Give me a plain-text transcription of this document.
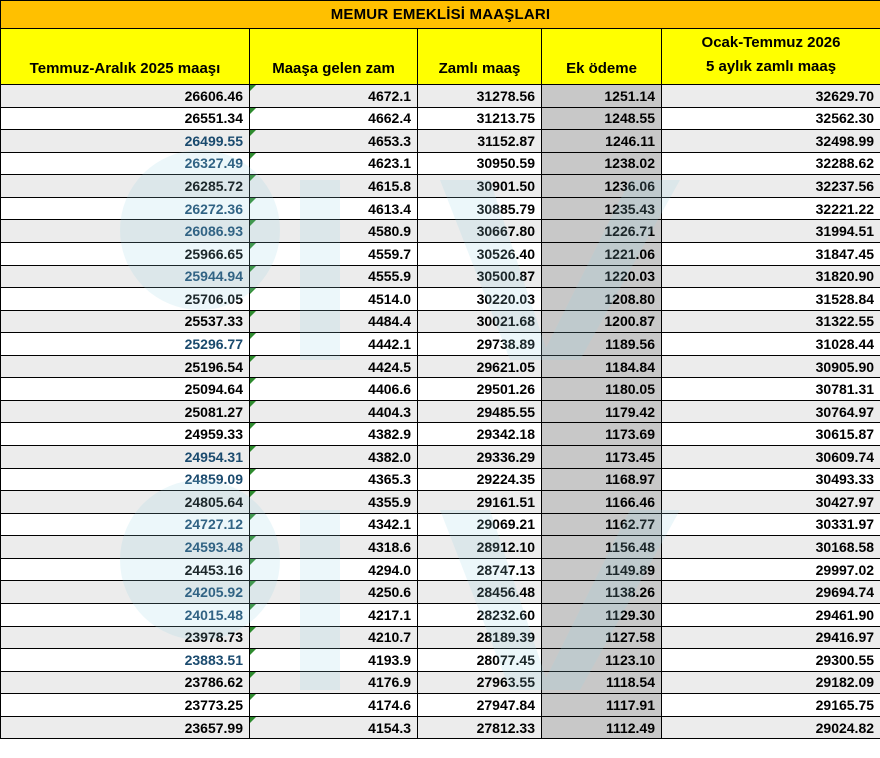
MEMUR EMEKLİSİ MAAŞLARI				
Temmuz-Aralık 2025 maaşı	Maaşa gelen zam	Zamlı maaş	Ek ödeme	Ocak-Temmuz 2026
5 aylık zamlı maaş

26606.46	4672.1	31278.56	1251.14	32629.70
26551.34	4662.4	31213.75	1248.55	32562.30
26499.55	4653.3	31152.87	1246.11	32498.99
26327.49	4623.1	30950.59	1238.02	32288.62
26285.72	4615.8	30901.50	1236.06	32237.56
26272.36	4613.4	30885.79	1235.43	32221.22
26086.93	4580.9	30667.80	1226.71	31994.51
25966.65	4559.7	30526.40	1221.06	31847.45
25944.94	4555.9	30500.87	1220.03	31820.90
25706.05	4514.0	30220.03	1208.80	31528.84
25537.33	4484.4	30021.68	1200.87	31322.55
25296.77	4442.1	29738.89	1189.56	31028.44
25196.54	4424.5	29621.05	1184.84	30905.90
25094.64	4406.6	29501.26	1180.05	30781.31
25081.27	4404.3	29485.55	1179.42	30764.97
24959.33	4382.9	29342.18	1173.69	30615.87
24954.31	4382.0	29336.29	1173.45	30609.74
24859.09	4365.3	29224.35	1168.97	30493.33
24805.64	4355.9	29161.51	1166.46	30427.97
24727.12	4342.1	29069.21	1162.77	30331.97
24593.48	4318.6	28912.10	1156.48	30168.58
24453.16	4294.0	28747.13	1149.89	29997.02
24205.92	4250.6	28456.48	1138.26	29694.74
24015.48	4217.1	28232.60	1129.30	29461.90
23978.73	4210.7	28189.39	1127.58	29416.97
23883.51	4193.9	28077.45	1123.10	29300.55
23786.62	4176.9	27963.55	1118.54	29182.09
23773.25	4174.6	27947.84	1117.91	29165.75
23657.99	4154.3	27812.33	1112.49	29024.82
